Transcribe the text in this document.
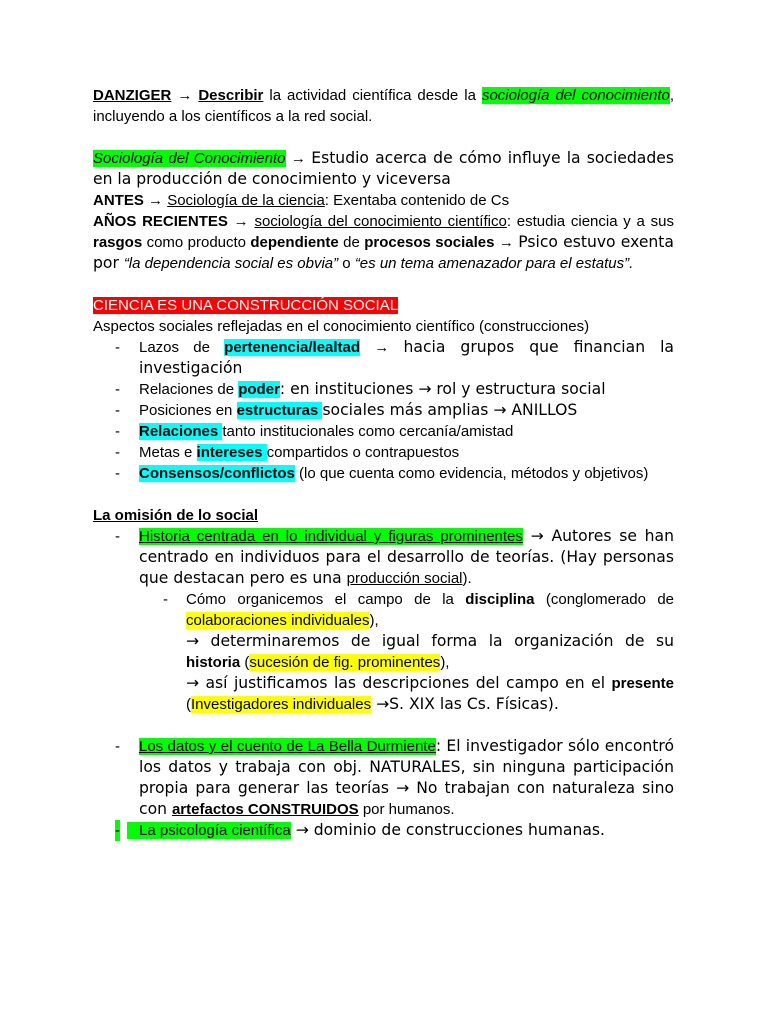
DANZIGER → Describir la actividad científica desde la sociología del conocimiento, incluyendo a los científicos a la red social.

Sociología del Conocimiento → Estudio acerca de cómo influye la sociedades en la producción de conocimiento y viceversa

ANTES → Sociología de la ciencia: Exentaba contenido de Cs

AÑOS RECIENTES → sociología del conocimiento científico: estudia ciencia y a sus rasgos como producto dependiente de procesos sociales → Psico estuvo exenta por “la dependencia social es obvia” o “es un tema amenazador para el estatus”.

CIENCIA ES UNA CONSTRUCCIÓN SOCIAL

Aspectos sociales reflejadas en el conocimiento científico (construcciones)

- Lazos de pertenencia/lealtad → hacia grupos que financian la investigación
- Relaciones de poder: en instituciones → rol y estructura social
- Posiciones en estructuras sociales más amplias → ANILLOS
- Relaciones tanto institucionales como cercanía/amistad
- Metas e intereses compartidos o contrapuestos
- Consensos/conflictos (lo que cuenta como evidencia, métodos y objetivos)

La omisión de lo social

- Historia centrada en lo individual y figuras prominentes → Autores se han centrado en individuos para el desarrollo de teorías. (Hay personas que destacan pero es una producción social).
- Cómo organicemos el campo de la disciplina (conglomerado de colaboraciones individuales),
→ determinaremos de igual forma la organización de su historia (sucesión de fig. prominentes),
→ así justificamos las descripciones del campo en el presente (Investigadores individuales →S. XIX las Cs. Físicas).
- Los datos y el cuento de La Bella Durmiente: El investigador sólo encontró los datos y trabaja con obj. NATURALES, sin ninguna participación propia para generar las teorías → No trabajan con naturaleza sino con artefactos CONSTRUIDOS por humanos.
- La psicología científica → dominio de construcciones humanas.
